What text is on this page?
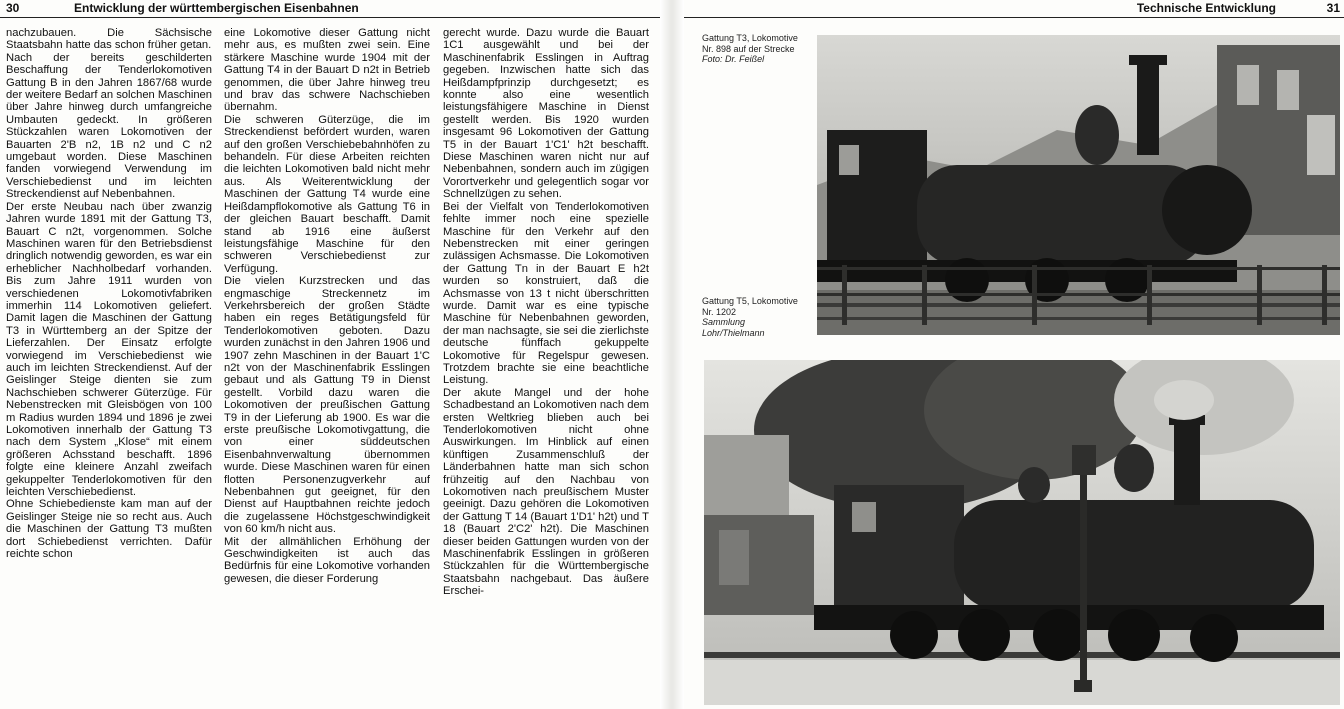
30	Entwicklung der württembergischen Eisenbahnen

nachzubauen. Die Sächsische Staatsbahn hatte das schon früher getan.

Nach der bereits geschilderten Beschaffung der Tenderlokomotiven Gattung B in den Jahren 1867/68 wurde der weitere Bedarf an solchen Maschinen über Jahre hinweg durch umfangreiche Umbauten gedeckt. In größeren Stückzahlen waren Lokomotiven der Bauarten 2'B n2, 1B n2 und C n2 umgebaut worden. Diese Maschinen fanden vorwiegend Verwendung im Verschiebedienst und im leichten Streckendienst auf Nebenbahnen.

Der erste Neubau nach über zwanzig Jahren wurde 1891 mit der Gattung T3, Bauart C n2t, vorgenommen. Solche Maschinen waren für den Betriebsdienst dringlich notwendig geworden, es war ein erheblicher Nachholbedarf vorhanden. Bis zum Jahre 1911 wurden von verschiedenen Lokomotivfabriken immerhin 114 Lokomotiven geliefert. Damit lagen die Maschinen der Gattung T3 in Württemberg an der Spitze der Lieferzahlen. Der Einsatz erfolgte vorwiegend im Verschiebedienst wie auch im leichten Streckendienst. Auf der Geislinger Steige dienten sie zum Nachschieben schwerer Güterzüge. Für Nebenstrecken mit Gleisbögen von 100 m Radius wurden 1894 und 1896 je zwei Lokomotiven innerhalb der Gattung T3 nach dem System „Klose“ mit einem größeren Achsstand beschafft. 1896 folgte eine kleinere Anzahl zweifach gekuppelter Tenderlokomotiven für den leichten Verschiebedienst.

Ohne Schiebedienste kam man auf der Geislinger Steige nie so recht aus. Auch die Maschinen der Gattung T3 mußten dort Schiebedienst verrichten. Dafür reichte schon

eine Lokomotive dieser Gattung nicht mehr aus, es mußten zwei sein. Eine stärkere Maschine wurde 1904 mit der Gattung T4 in der Bauart D n2t in Betrieb genommen, die über Jahre hinweg treu und brav das schwere Nachschieben übernahm.

Die schweren Güterzüge, die im Streckendienst befördert wurden, waren auf den großen Verschiebebahnhöfen zu behandeln. Für diese Arbeiten reichten die leichten Lokomotiven bald nicht mehr aus. Als Weiterentwicklung der Maschinen der Gattung T4 wurde eine Heißdampflokomotive als Gattung T6 in der gleichen Bauart beschafft. Damit stand ab 1916 eine äußerst leistungsfähige Maschine für den schweren Verschiebedienst zur Verfügung.

Die vielen Kurzstrecken und das engmaschige Streckennetz im Verkehrsbereich der großen Städte haben ein reges Betätigungsfeld für Tenderlokomotiven geboten. Dazu wurden zunächst in den Jahren 1906 und 1907 zehn Maschinen in der Bauart 1'C n2t von der Maschinenfabrik Esslingen gebaut und als Gattung T9 in Dienst gestellt. Vorbild dazu waren die Lokomotiven der preußischen Gattung T9 in der Lieferung ab 1900. Es war die erste preußische Lokomotivgattung, die von einer süddeutschen Eisenbahnverwaltung übernommen wurde. Diese Maschinen waren für einen flotten Personenzugverkehr auf Nebenbahnen gut geeignet, für den Dienst auf Hauptbahnen reichte jedoch die zugelassene Höchstgeschwindigkeit von 60 km/h nicht aus.

Mit der allmählichen Erhöhung der Geschwindigkeiten ist auch das Bedürfnis für eine Lokomotive vorhanden gewesen, die dieser Forderung

gerecht wurde. Dazu wurde die Bauart 1C1 ausgewählt und bei der Maschinenfabrik Esslingen in Auftrag gegeben. Inzwischen hatte sich das Heißdampfprinzip durchgesetzt; es konnte also eine wesentlich leistungsfähigere Maschine in Dienst gestellt werden. Bis 1920 wurden insgesamt 96 Lokomotiven der Gattung T5 in der Bauart 1'C1' h2t beschafft. Diese Maschinen waren nicht nur auf Nebenbahnen, sondern auch im zügigen Vorortverkehr und gelegentlich sogar vor Schnellzügen zu sehen.

Bei der Vielfalt von Tenderlokomotiven fehlte immer noch eine spezielle Maschine für den Verkehr auf den Nebenstrecken mit einer geringen zulässigen Achsmasse. Die Lokomotiven der Gattung Tn in der Bauart E h2t wurden so konstruiert, daß die Achsmasse von 13 t nicht überschritten wurde. Damit war es eine typische Maschine für Nebenbahnen geworden, der man nachsagte, sie sei die zierlichste deutsche fünffach gekuppelte Lokomotive für Regelspur gewesen. Trotzdem brachte sie eine beachtliche Leistung.

Der akute Mangel und der hohe Schadbestand an Lokomotiven nach dem ersten Weltkrieg blieben auch bei Tenderlokomotiven nicht ohne Auswirkungen. Im Hinblick auf einen künftigen Zusammenschluß der Länderbahnen hatte man sich schon frühzeitig auf den Nachbau von Lokomotiven nach preußischem Muster geeinigt. Dazu gehören die Lokomotiven der Gattung T 14 (Bauart 1'D1' h2t) und T 18 (Bauart 2'C2' h2t). Die Maschinen dieser beiden Gattungen wurden von der Maschinenfabrik Esslingen in größeren Stückzahlen für die Württembergische Staatsbahn nachgebaut. Das äußere Erschei-

Technische Entwicklung	31
Gattung T3, Lokomotive Nr. 898 auf der Strecke
Foto: Dr. Feißel
Gattung T5, Lokomotive Nr. 1202
Sammlung Lohr/Thielmann
